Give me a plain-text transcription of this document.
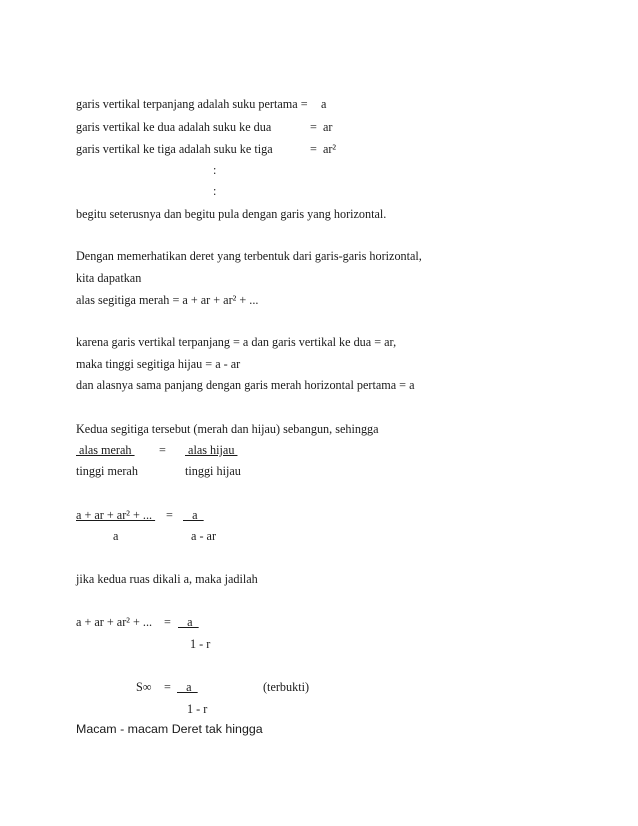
garis vertikal terpanjang adalah suku pertama = a
garis vertikal ke dua adalah suku ke dua	=  ar
garis vertikal ke tiga adalah suku ke tiga	=  ar²
:
:
begitu seterusnya dan begitu pula dengan garis yang horizontal.
Dengan memerhatikan deret yang terbentuk dari garis-garis horizontal,
kita dapatkan
alas segitiga merah = a + ar + ar² + ...
karena garis vertikal terpanjang = a dan garis vertikal ke dua = ar,
maka tinggi segitiga hijau = a - ar
dan alasnya sama panjang dengan garis merah horizontal pertama = a
Kedua segitiga tersebut (merah dan hijau) sebangun, sehingga
alas merah = alas hijau
tinggi merah	tinggi hijau
a + ar + ar² + ... = a
a	a - ar
jika kedua ruas dikali a, maka jadilah
a + ar + ar² + ... = a
1 - r
S∞ = a	(terbukti)
1 - r
Macam - macam Deret tak hingga
